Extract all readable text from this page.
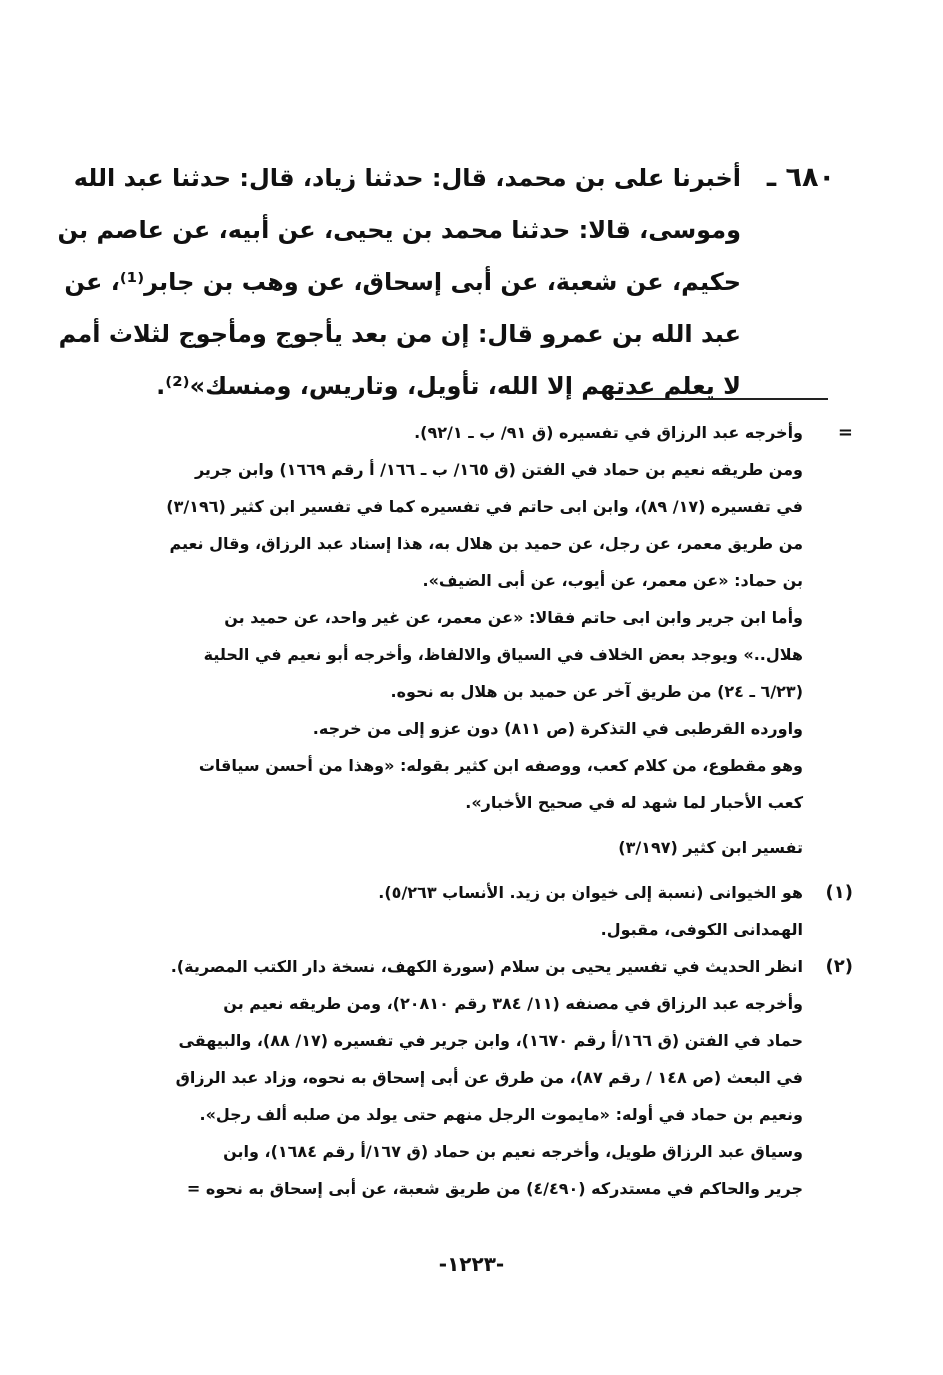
٦٨٠ ـ
أخبرنا على بن محمد، قال: حدثنا زياد، قال: حدثنا عبد الله
وموسى، قالا: حدثنا محمد بن يحيى، عن أبيه، عن عاصم بن
حكيم، عن شعبة، عن أبى إسحاق، عن وهب بن جابر⁽¹⁾، عن
عبد الله بن عمرو قال: إن من بعد يأجوج ومأجوج لثلاث أمم
لا يعلم عدتهم إلا الله، تأويل، وتاريس، ومنسك»⁽²⁾.
=
وأخرجه عبد الرزاق في تفسيره (ق ٩١/ ب ـ ٩٢/١).
ومن طريقه نعيم بن حماد في الفتن (ق ١٦٥/ ب ـ ١٦٦/ أ رقم ١٦٦٩) وابن جرير
في تفسيره (١٧/ ٨٩)، وابن ابى حاتم في تفسيره كما في تفسير ابن كثير (٣/١٩٦)
من طريق معمر، عن رجل، عن حميد بن هلال به، هذا إسناد عبد الرزاق، وقال نعيم
بن حماد: «عن معمر، عن أيوب، عن أبى الضيف».
وأما ابن جرير وابن ابى حاتم فقالا: «عن معمر، عن غير واحد، عن حميد بن
هلال..» ويوجد بعض الخلاف في السياق والالفاظ، وأخرجه أبو نعيم في الحلية
(٦/٢٣ ـ ٢٤) من طريق آخر عن حميد بن هلال به نحوه.
واورده القرطبى في التذكرة (ص ٨١١) دون عزو إلى من خرجه.
وهو مقطوع، من كلام كعب، ووصفه ابن كثير بقوله: «وهذا من أحسن سياقات
كعب الأحبار لما شهد له في صحيح الأخبار».
تفسير ابن كثير (٣/١٩٧)
(١)
هو الخيوانى (نسبة إلى خيوان بن زيد. الأنساب ٥/٢٦٣).
الهمدانى الكوفى، مقبول.
(٢)
انظر الحديث في تفسير يحيى بن سلام (سورة الكهف، نسخة دار الكتب المصرية).
وأخرجه عبد الرزاق في مصنفه (١١/ ٣٨٤ رقم ٢٠٨١٠)، ومن طريقه نعيم بن
حماد في الفتن (ق ١٦٦/أ رقم ١٦٧٠)، وابن جرير في تفسيره (١٧/ ٨٨)، والبيهقى
في البعث (ص ١٤٨ / رقم ٨٧)، من طرق عن أبى إسحاق به نحوه، وزاد عبد الرزاق
ونعيم بن حماد في أوله: «مايموت الرجل منهم حتى يولد من صلبه ألف رجل».
وسياق عبد الرزاق طويل، وأخرجه نعيم بن حماد (ق ١٦٧/أ رقم ١٦٨٤)، وابن
جرير والحاكم في مستدركه (٤/٤٩٠) من طريق شعبة، عن أبى إسحاق به نحوه =
-١٢٢٣-
